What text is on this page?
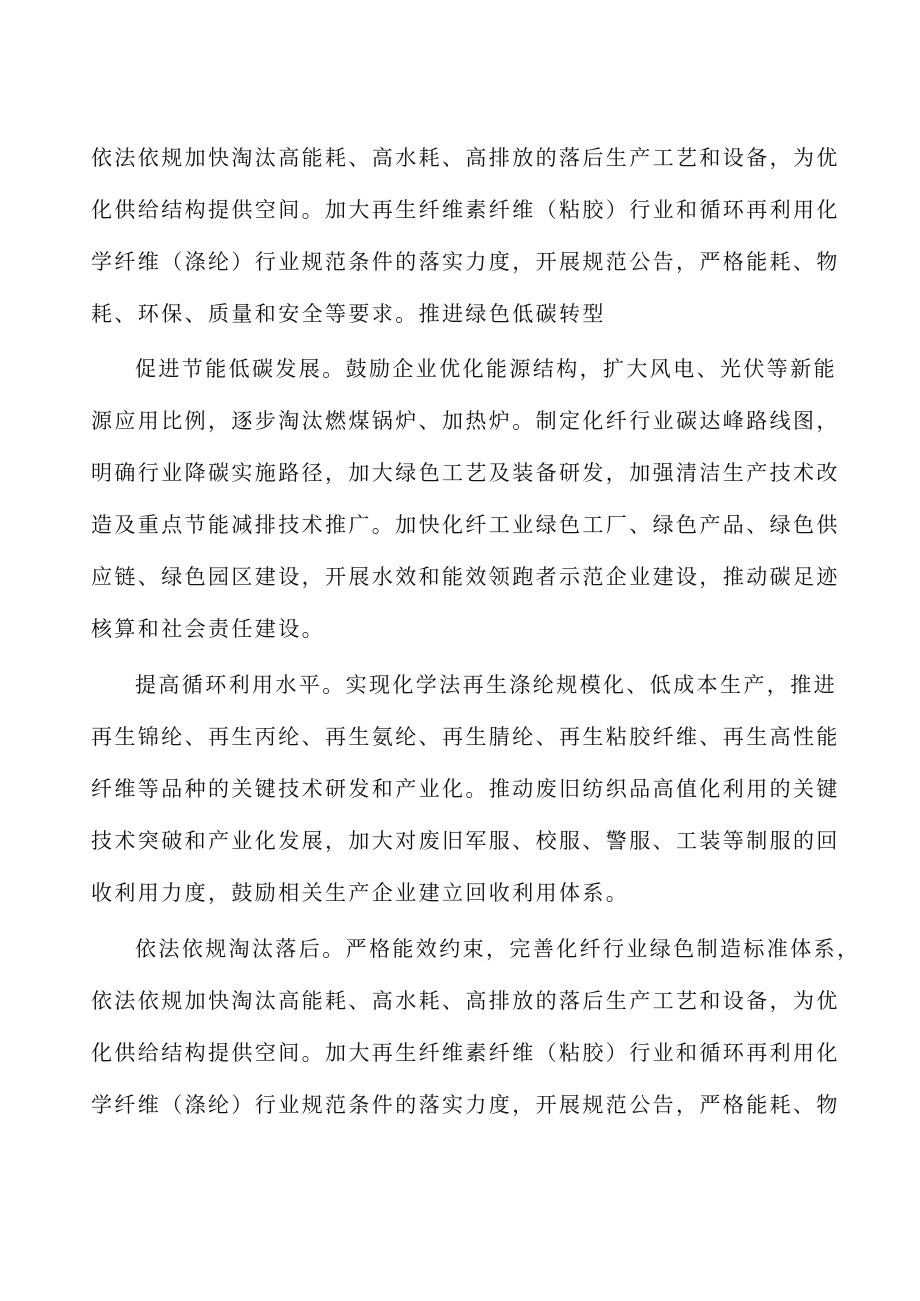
依法依规加快淘汰高能耗、高水耗、高排放的落后生产工艺和设备，为优
化供给结构提供空间。加大再生纤维素纤维（粘胶）行业和循环再利用化
学纤维（涤纶）行业规范条件的落实力度，开展规范公告，严格能耗、物
耗、环保、质量和安全等要求。推进绿色低碳转型
促进节能低碳发展。鼓励企业优化能源结构，扩大风电、光伏等新能
源应用比例，逐步淘汰燃煤锅炉、加热炉。制定化纤行业碳达峰路线图，
明确行业降碳实施路径，加大绿色工艺及装备研发，加强清洁生产技术改
造及重点节能减排技术推广。加快化纤工业绿色工厂、绿色产品、绿色供
应链、绿色园区建设，开展水效和能效领跑者示范企业建设，推动碳足迹
核算和社会责任建设。
提高循环利用水平。实现化学法再生涤纶规模化、低成本生产，推进
再生锦纶、再生丙纶、再生氨纶、再生腈纶、再生粘胶纤维、再生高性能
纤维等品种的关键技术研发和产业化。推动废旧纺织品高值化利用的关键
技术突破和产业化发展，加大对废旧军服、校服、警服、工装等制服的回
收利用力度，鼓励相关生产企业建立回收利用体系。
依法依规淘汰落后。严格能效约束，完善化纤行业绿色制造标准体系，
依法依规加快淘汰高能耗、高水耗、高排放的落后生产工艺和设备，为优
化供给结构提供空间。加大再生纤维素纤维（粘胶）行业和循环再利用化
学纤维（涤纶）行业规范条件的落实力度，开展规范公告，严格能耗、物
